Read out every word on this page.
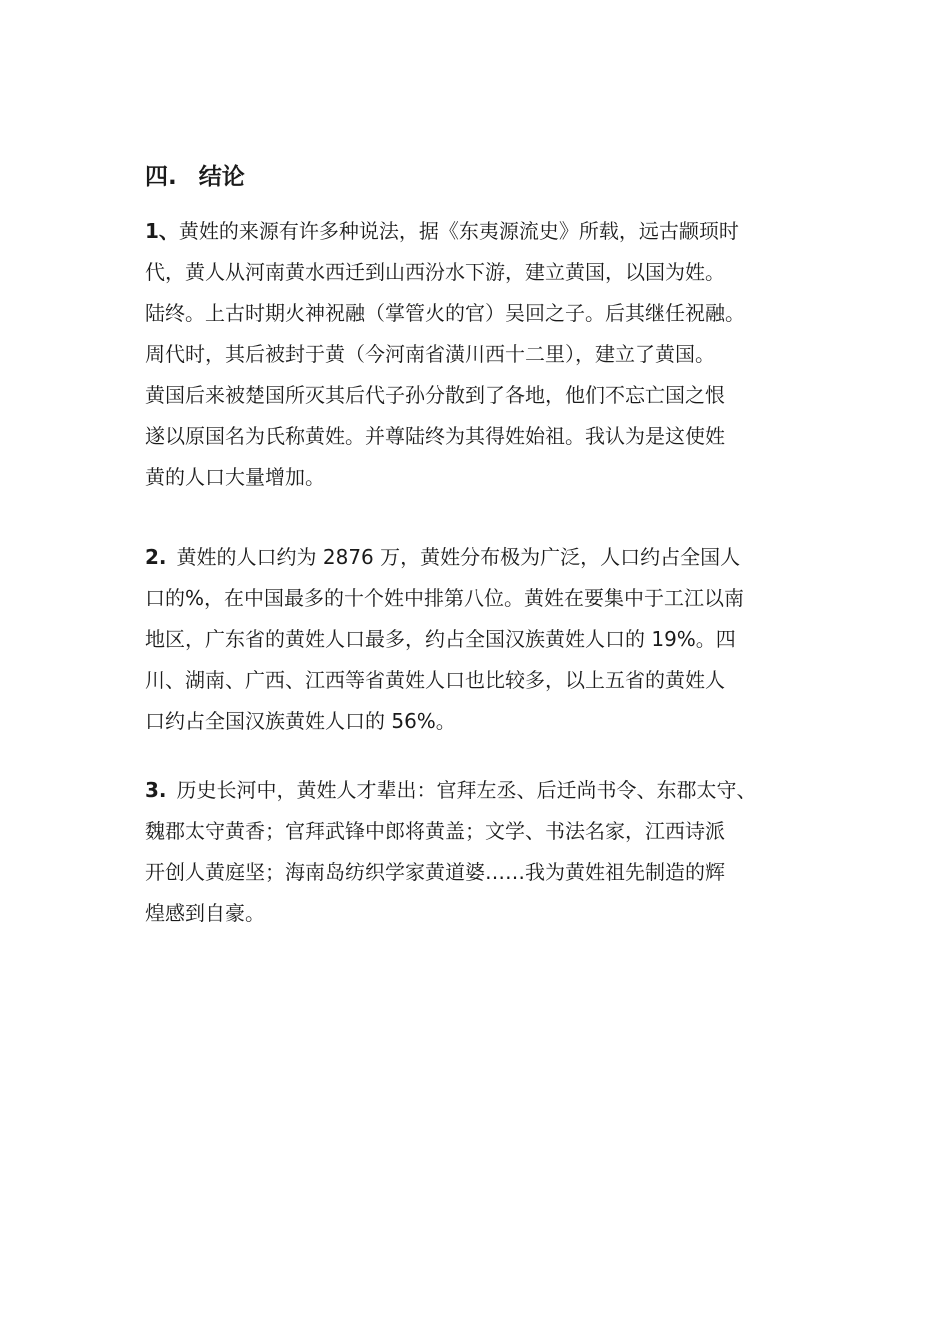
四. 结论
1、黄姓的来源有许多种说法，据《东夷源流史》所载，远古颛顼时
代，黄人从河南黄水西迁到山西汾水下游，建立黄国，以国为姓。
陆终。上古时期火神祝融（掌管火的官）吴回之子。后其继任祝融。
周代时，其后被封于黄（今河南省潢川西十二里），建立了黄国。
黄国后来被楚国所灭其后代子孙分散到了各地，他们不忘亡国之恨
遂以原国名为氏称黄姓。并尊陆终为其得姓始祖。我认为是这使姓
黄的人口大量增加。
2. 黄姓的人口约为 2876 万，黄姓分布极为广泛，人口约占全国人
口的%，在中国最多的十个姓中排第八位。黄姓在要集中于工江以南
地区，广东省的黄姓人口最多，约占全国汉族黄姓人口的 19%。四
川、湖南、广西、江西等省黄姓人口也比较多，以上五省的黄姓人
口约占全国汉族黄姓人口的 56%。
3. 历史长河中，黄姓人才辈出：官拜左丞、后迁尚书令、东郡太守、
魏郡太守黄香；官拜武锋中郎将黄盖；文学、书法名家，江西诗派
开创人黄庭坚；海南岛纺织学家黄道婆……我为黄姓祖先制造的辉
煌感到自豪。
